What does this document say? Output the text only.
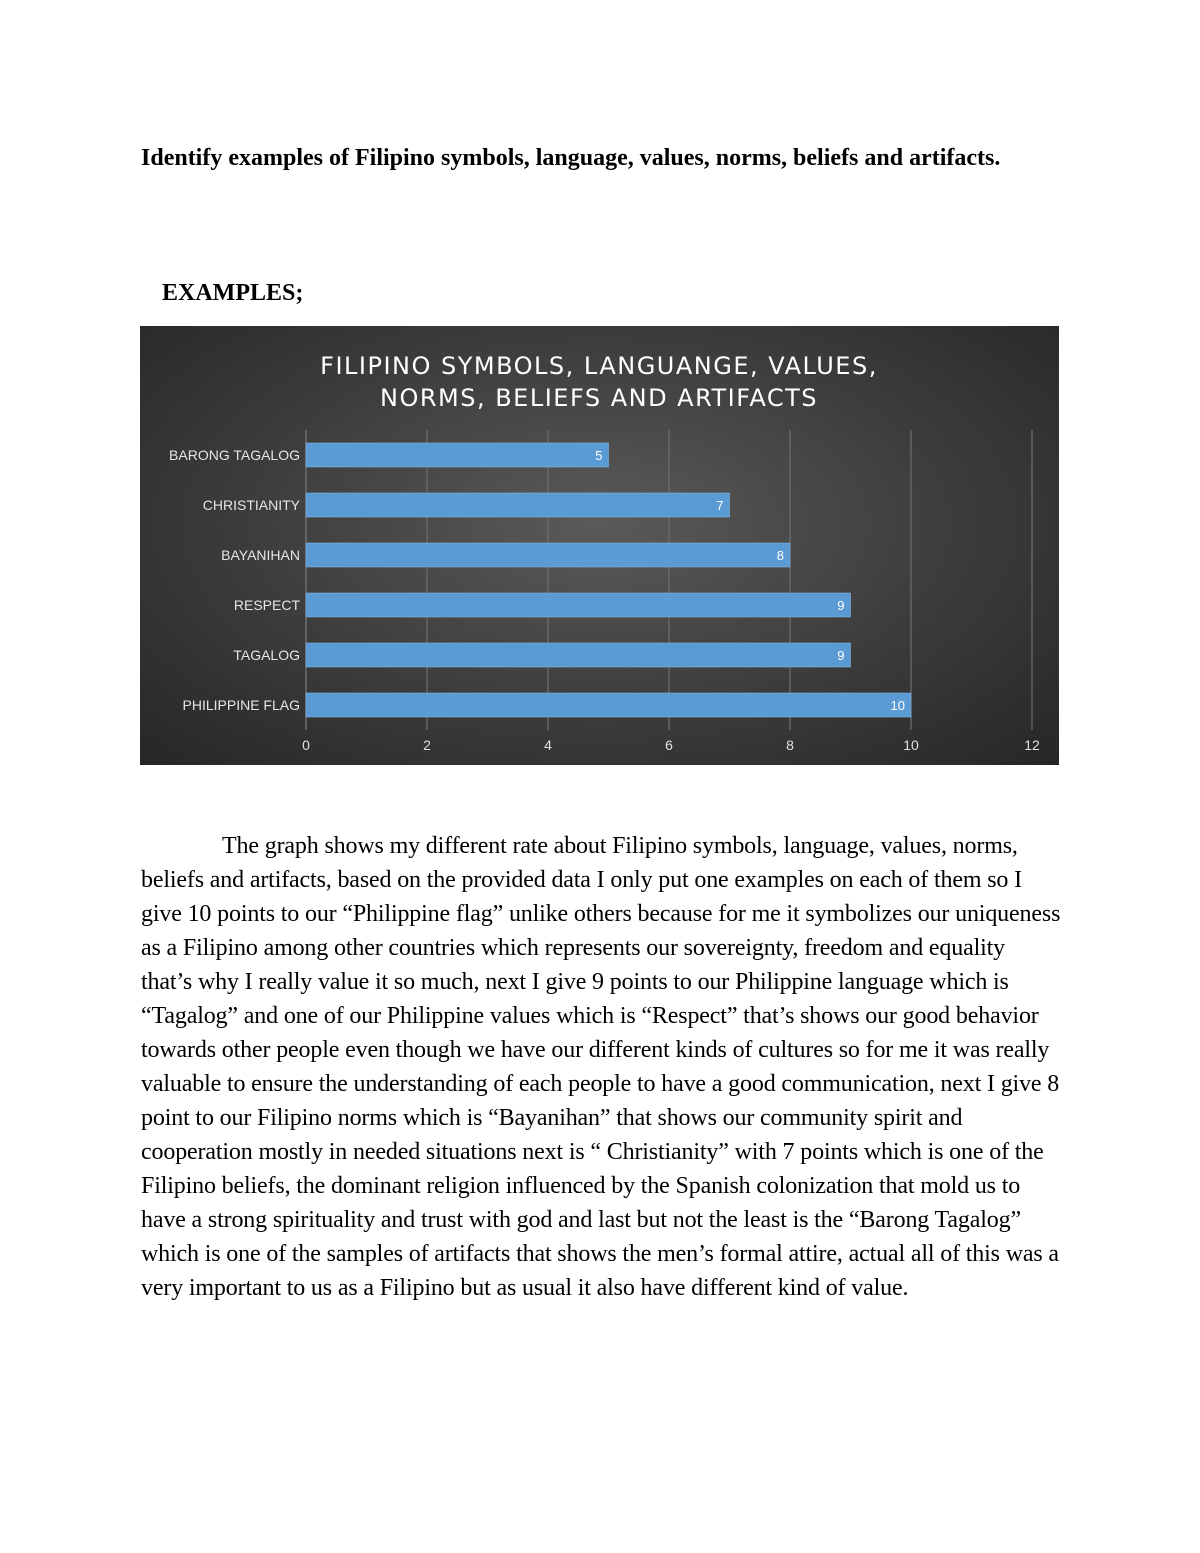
Identify examples of Filipino symbols, language, values, norms, beliefs and artifacts.

EXAMPLES;
FILIPINO SYMBOLS, LANGUANGE, VALUES,
NORMS, BELIEFS AND ARTIFACTS
5
7
8
9
9
10
BARONG TAGALOG
CHRISTIANITY
BAYANIHAN
RESPECT
TAGALOG
PHILIPPINE FLAG
0	2	4	6	8	10	12

The graph shows my different rate about Filipino symbols, language, values, norms, beliefs and artifacts, based on the provided data I only put one examples on each of them so I give 10 points to our “Philippine flag” unlike others because for me it symbolizes our uniqueness as a Filipino among other countries which represents our sovereignty, freedom and equality that’s why I really value it so much, next I give 9 points to our Philippine language which is “Tagalog” and one of our Philippine values which is “Respect” that’s shows our good behavior towards other people even though we have our different kinds of cultures so for me it was really valuable to ensure the understanding of each people to have a good communication, next I give 8 point to our Filipino norms which is “Bayanihan” that shows our community spirit and cooperation mostly in needed situations next is “ Christianity” with 7 points which is one of the Filipino beliefs, the dominant religion influenced by the Spanish colonization that mold us to have a strong spirituality and trust with god and last but not the least is the “Barong Tagalog” which is one of the samples of artifacts that shows the men’s formal attire, actual all of this was a very important to us as a Filipino but as usual it also have different kind of value.
